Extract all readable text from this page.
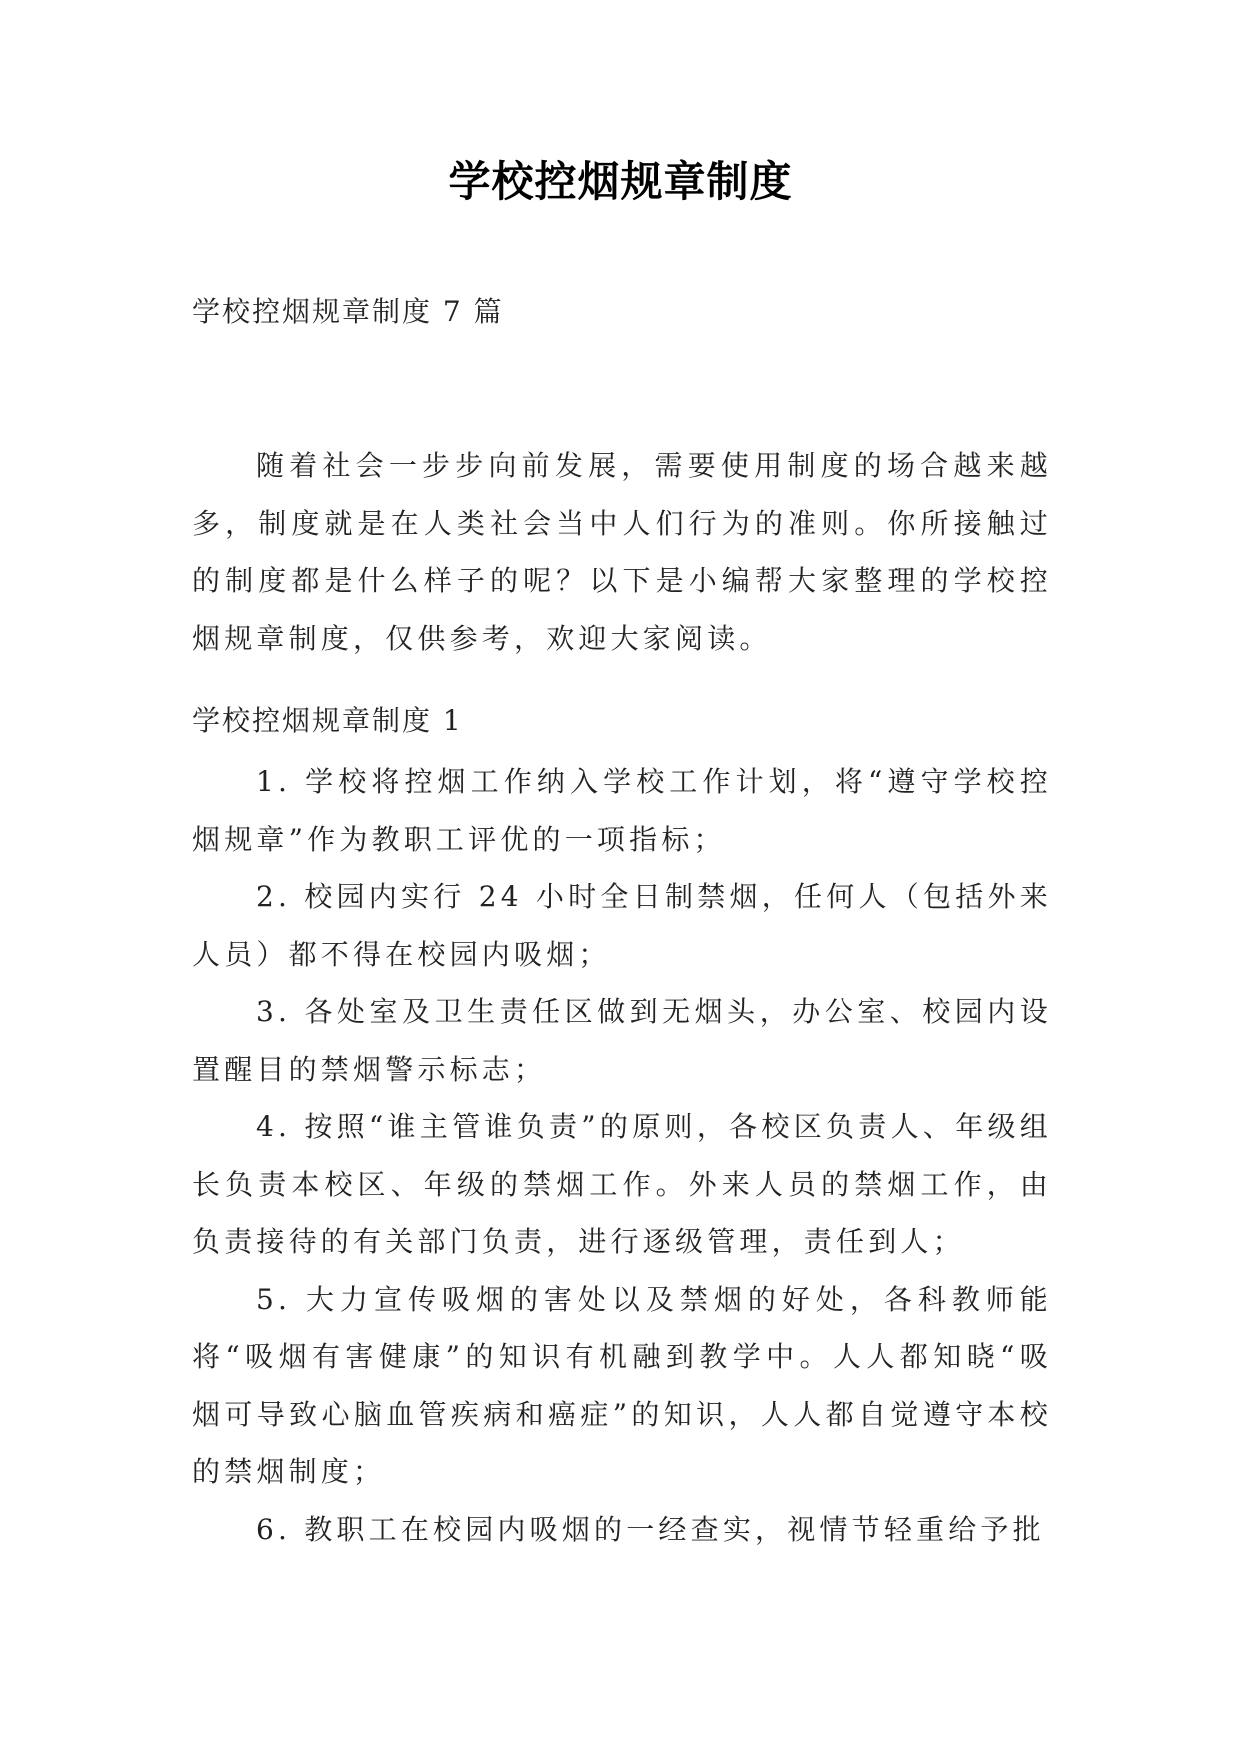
学校控烟规章制度
学校控烟规章制度 7 篇

随着社会一步步向前发展，需要使用制度的场合越来越多，制度就是在人类社会当中人们行为的准则。你所接触过的制度都是什么样子的呢？以下是小编帮大家整理的学校控烟规章制度，仅供参考，欢迎大家阅读。

学校控烟规章制度 1
1. 学校将控烟工作纳入学校工作计划，将“遵守学校控烟规章”作为教职工评优的一项指标；
2. 校园内实行 24 小时全日制禁烟，任何人（包括外来人员）都不得在校园内吸烟；
3. 各处室及卫生责任区做到无烟头，办公室、校园内设置醒目的禁烟警示标志；
4. 按照“谁主管谁负责”的原则，各校区负责人、年级组长负责本校区、年级的禁烟工作。外来人员的禁烟工作，由负责接待的有关部门负责，进行逐级管理，责任到人；
5. 大力宣传吸烟的害处以及禁烟的好处，各科教师能将“吸烟有害健康”的知识有机融到教学中。人人都知晓“吸烟可导致心脑血管疾病和癌症”的知识，人人都自觉遵守本校的禁烟制度；
6. 教职工在校园内吸烟的一经查实，视情节轻重给予批
